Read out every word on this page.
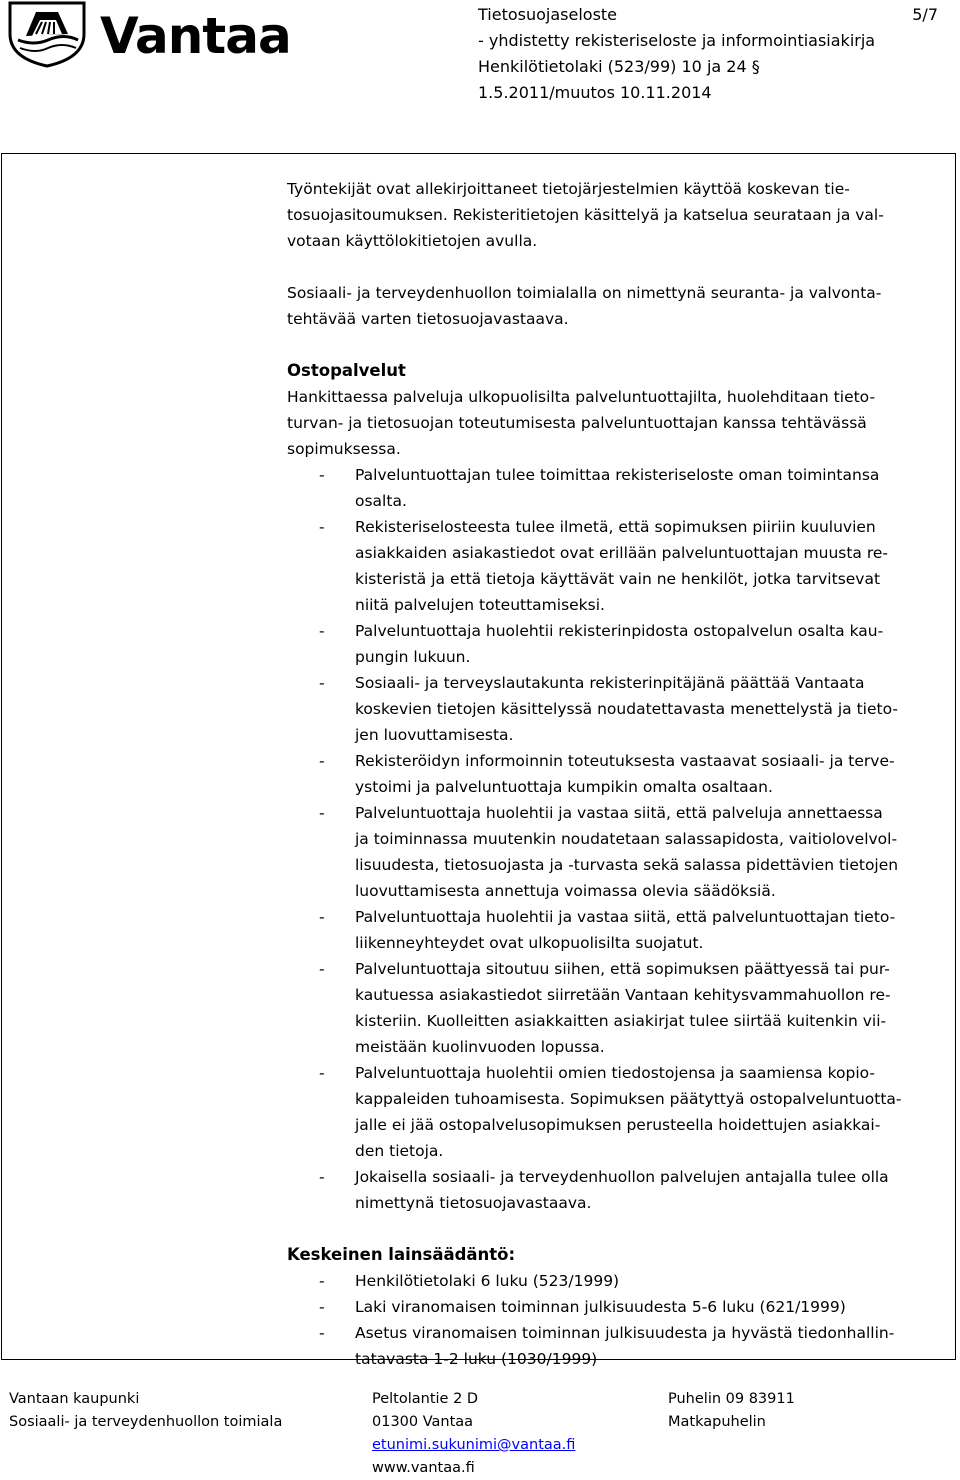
Vantaa	Tietosuojaseloste
- yhdistetty rekisteriseloste ja informointiasiakirja
Henkilötietolaki (523/99) 10 ja 24 §
1.5.2011/muutos 10.11.2014
5/7

Työntekijät ovat allekirjoittaneet tietojärjestelmien käyttöä koskevan tie-
tosuojasitoumuksen. Rekisteritietojen käsittelyä ja katselua seurataan ja val-
votaan käyttölokitietojen avulla.

Sosiaali- ja terveydenhuollon toimialalla on nimettynä seuranta- ja valvonta-
tehtävää varten tietosuojavastaava.

Ostopalvelut

Hankittaessa palveluja ulkopuolisilta palveluntuottajilta, huolehditaan tieto-
turvan- ja tietosuojan toteutumisesta palveluntuottajan kanssa tehtävässä
sopimuksessa.

- Palveluntuottajan tulee toimittaa rekisteriseloste oman toimintansa
osalta.
- Rekisteriselosteesta tulee ilmetä, että sopimuksen piiriin kuuluvien
asiakkaiden asiakastiedot ovat erillään palveluntuottajan muusta re-
kisteristä ja että tietoja käyttävät vain ne henkilöt, jotka tarvitsevat
niitä palvelujen toteuttamiseksi.
- Palveluntuottaja huolehtii rekisterinpidosta ostopalvelun osalta kau-
pungin lukuun.
- Sosiaali- ja terveyslautakunta rekisterinpitäjänä päättää Vantaata
koskevien tietojen käsittelyssä noudatettavasta menettelystä ja tieto-
jen luovuttamisesta.
- Rekisteröidyn informoinnin toteutuksesta vastaavat sosiaali- ja terve-
ystoimi ja palveluntuottaja kumpikin omalta osaltaan.
- Palveluntuottaja huolehtii ja vastaa siitä, että palveluja annettaessa
ja toiminnassa muutenkin noudatetaan salassapidosta, vaitiolovelvol-
lisuudesta, tietosuojasta ja -turvasta sekä salassa pidettävien tietojen
luovuttamisesta annettuja voimassa olevia säädöksiä.
- Palveluntuottaja huolehtii ja vastaa siitä, että palveluntuottajan tieto-
liikenneyhteydet ovat ulkopuolisilta suojatut.
- Palveluntuottaja sitoutuu siihen, että sopimuksen päättyessä tai pur-
kautuessa asiakastiedot siirretään Vantaan kehitysvammahuollon re-
kisteriin. Kuolleitten asiakkaitten asiakirjat tulee siirtää kuitenkin vii-
meistään kuolinvuoden lopussa.
- Palveluntuottaja huolehtii omien tiedostojensa ja saamiensa kopio-
kappaleiden tuhoamisesta. Sopimuksen päätyttyä ostopalveluntuotta-
jalle ei jää ostopalvelusopimuksen perusteella hoidettujen asiakkai-
den tietoja.
- Jokaisella sosiaali- ja terveydenhuollon palvelujen antajalla tulee olla
nimettynä tietosuojavastaava.

Keskeinen lainsäädäntö:

- Henkilötietolaki 6 luku (523/1999)
- Laki viranomaisen toiminnan julkisuudesta 5-6 luku (621/1999)
- Asetus viranomaisen toiminnan julkisuudesta ja hyvästä tiedonhallin-
tatavasta 1-2 luku (1030/1999)
Vantaan kaupunki
Sosiaali- ja terveydenhuollon toimiala
Peltolantie 2 D
01300 Vantaa
etunimi.sukunimi@vantaa.fi
www.vantaa.fi
Puhelin 09 83911
Matkapuhelin
